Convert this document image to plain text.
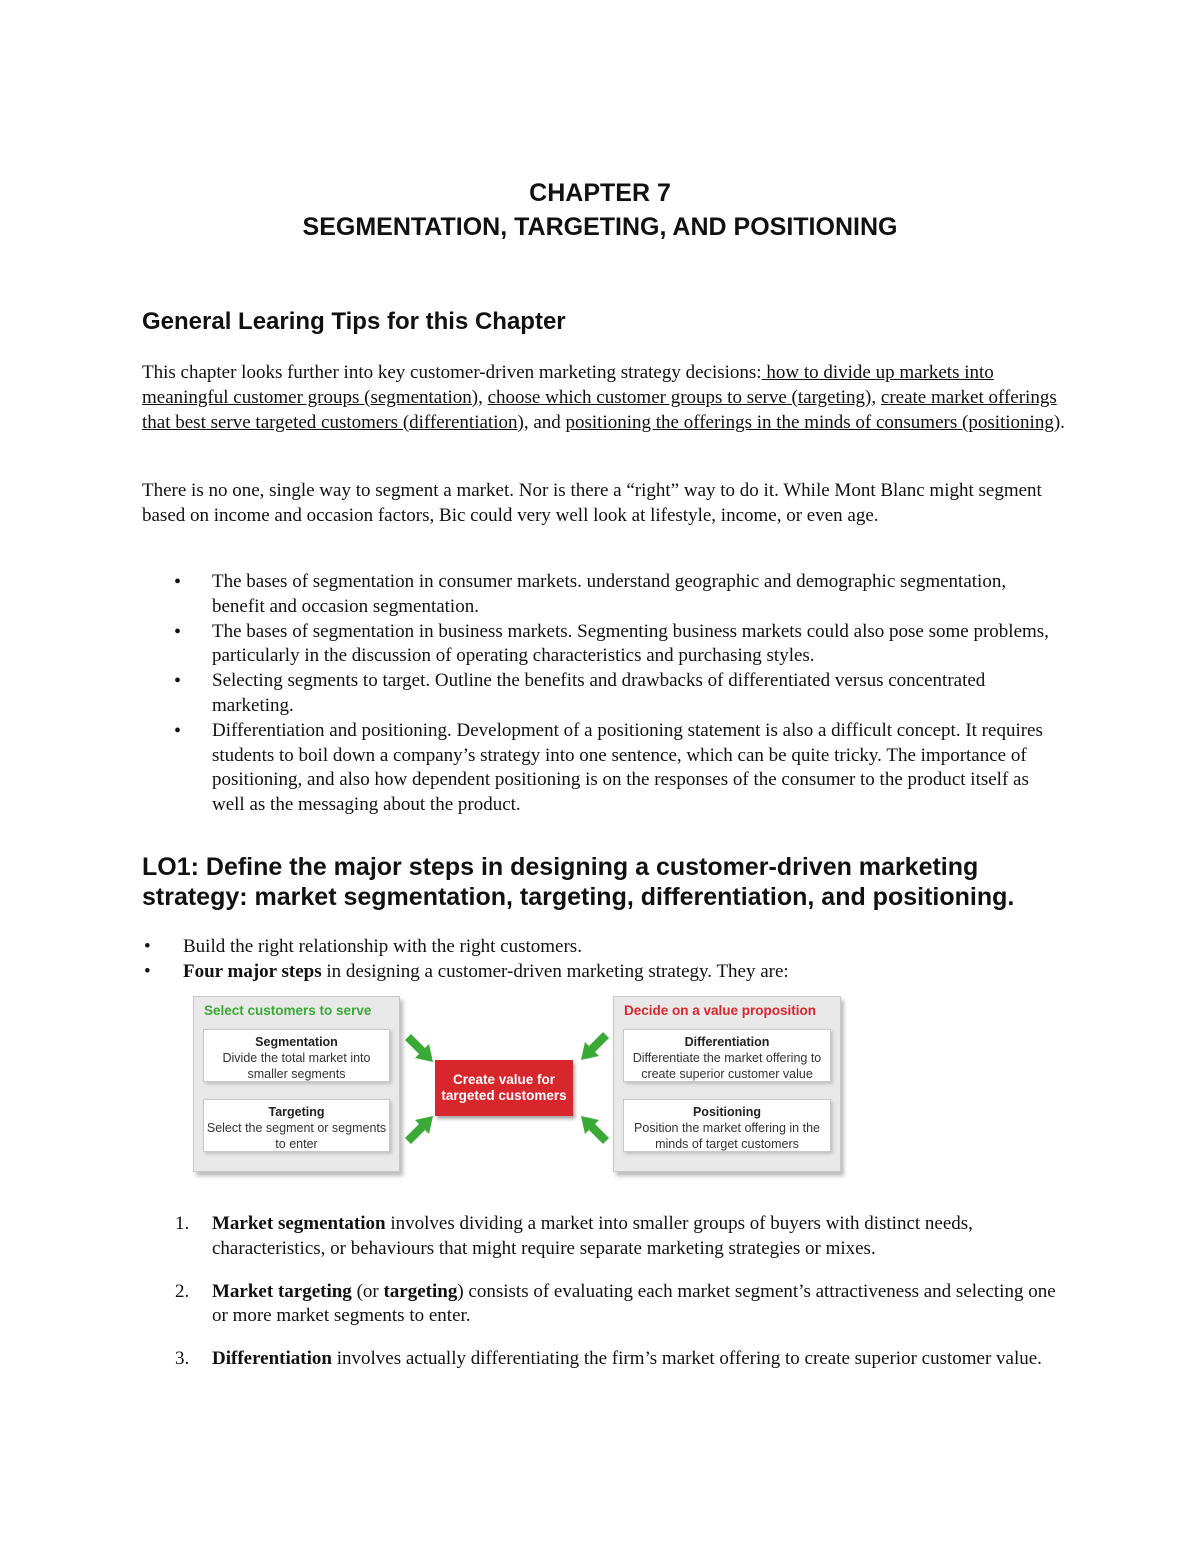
CHAPTER 7
SEGMENTATION, TARGETING, AND POSITIONING
General Learing Tips for this Chapter
This chapter looks further into key customer-driven marketing strategy decisions: how to divide up markets into meaningful customer groups (segmentation), choose which customer groups to serve (targeting), create market offerings that best serve targeted customers (differentiation), and positioning the offerings in the minds of consumers (positioning).
There is no one, single way to segment a market. Nor is there a “right” way to do it. While Mont Blanc might segment based on income and occasion factors, Bic could very well look at lifestyle, income, or even age.
• The bases of segmentation in consumer markets. understand geographic and demographic segmentation, benefit and occasion segmentation.
• The bases of segmentation in business markets. Segmenting business markets could also pose some problems, particularly in the discussion of operating characteristics and purchasing styles.
• Selecting segments to target. Outline the benefits and drawbacks of differentiated versus concentrated marketing.
• Differentiation and positioning. Development of a positioning statement is also a difficult concept. It requires students to boil down a company’s strategy into one sentence, which can be quite tricky. The importance of positioning, and also how dependent positioning is on the responses of the consumer to the product itself as well as the messaging about the product.
LO1: Define the major steps in designing a customer-driven marketing strategy: market segmentation, targeting, differentiation, and positioning.
• Build the right relationship with the right customers.
• Four major steps in designing a customer-driven marketing strategy. They are:
Select customers to serve
Segmentation
Divide the total market into smaller segments
Targeting
Select the segment or segments to enter
Create value for targeted customers
Decide on a value proposition
Differentiation
Differentiate the market offering to create superior customer value
Positioning
Position the market offering in the minds of target customers
1. Market segmentation involves dividing a market into smaller groups of buyers with distinct needs, characteristics, or behaviours that might require separate marketing strategies or mixes.
2. Market targeting (or targeting) consists of evaluating each market segment’s attractiveness and selecting one or more market segments to enter.
3. Differentiation involves actually differentiating the firm’s market offering to create superior customer value.
